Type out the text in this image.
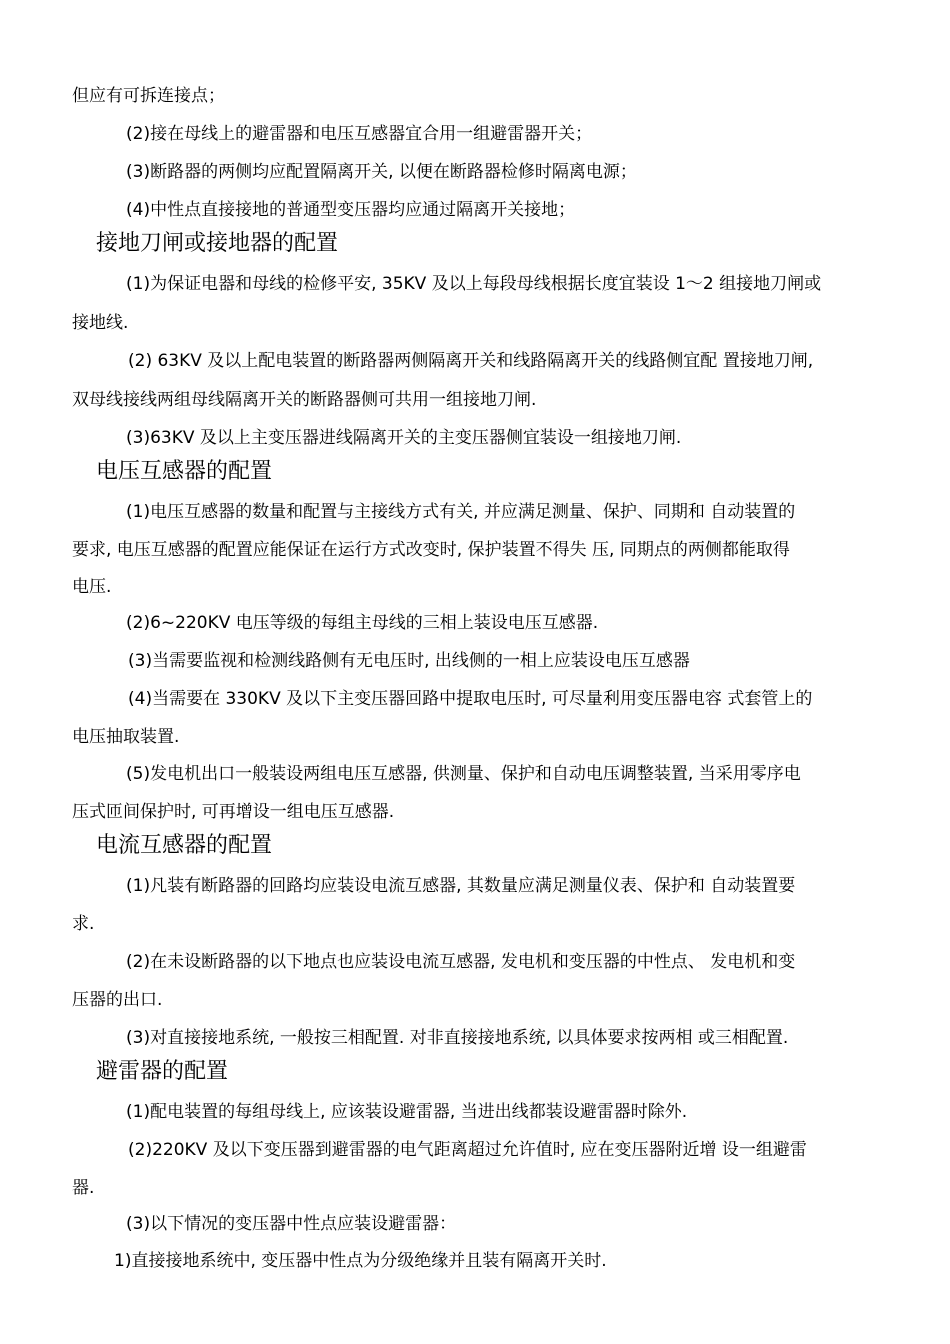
但应有可拆连接点；
(2)接在母线上的避雷器和电压互感器宜合用一组避雷器开关；
(3)断路器的两侧均应配置隔离开关, 以便在断路器检修时隔离电源；
(4)中性点直接接地的普通型变压器均应通过隔离开关接地；
接地刀闸或接地器的配置
(1)为保证电器和母线的检修平安, 35KV 及以上每段母线根据长度宜装设 1〜2 组接地刀闸或
接地线.
(2) 63KV 及以上配电装置的断路器两侧隔离开关和线路隔离开关的线路侧宜配 置接地刀闸,
双母线接线两组母线隔离开关的断路器侧可共用一组接地刀闸.
(3)63KV 及以上主变压器进线隔离开关的主变压器侧宜装设一组接地刀闸.
电压互感器的配置
(1)电压互感器的数量和配置与主接线方式有关, 并应满足测量、保护、同期和 自动装置的
要求, 电压互感器的配置应能保证在运行方式改变时, 保护装置不得失 压, 同期点的两侧都能取得
电压.
(2)6~220KV 电压等级的每组主母线的三相上装设电压互感器.
(3)当需要监视和检测线路侧有无电压时, 出线侧的一相上应装设电压互感器
(4)当需要在 330KV 及以下主变压器回路中提取电压时, 可尽量利用变压器电容 式套管上的
电压抽取装置.
(5)发电机出口一般装设两组电压互感器, 供测量、保护和自动电压调整装置, 当采用零序电
压式匝间保护时, 可再增设一组电压互感器.
电流互感器的配置
(1)凡装有断路器的回路均应装设电流互感器, 其数量应满足测量仪表、保护和 自动装置要
求.
(2)在未设断路器的以下地点也应装设电流互感器, 发电机和变压器的中性点、 发电机和变
压器的出口.
(3)对直接接地系统, 一般按三相配置. 对非直接接地系统, 以具体要求按两相 或三相配置.
避雷器的配置
(1)配电装置的每组母线上, 应该装设避雷器, 当进出线都装设避雷器时除外.
(2)220KV 及以下变压器到避雷器的电气距离超过允许值时, 应在变压器附近增 设一组避雷
器.
(3)以下情况的变压器中性点应装设避雷器：
1)直接接地系统中, 变压器中性点为分级绝缘并且装有隔离开关时.
